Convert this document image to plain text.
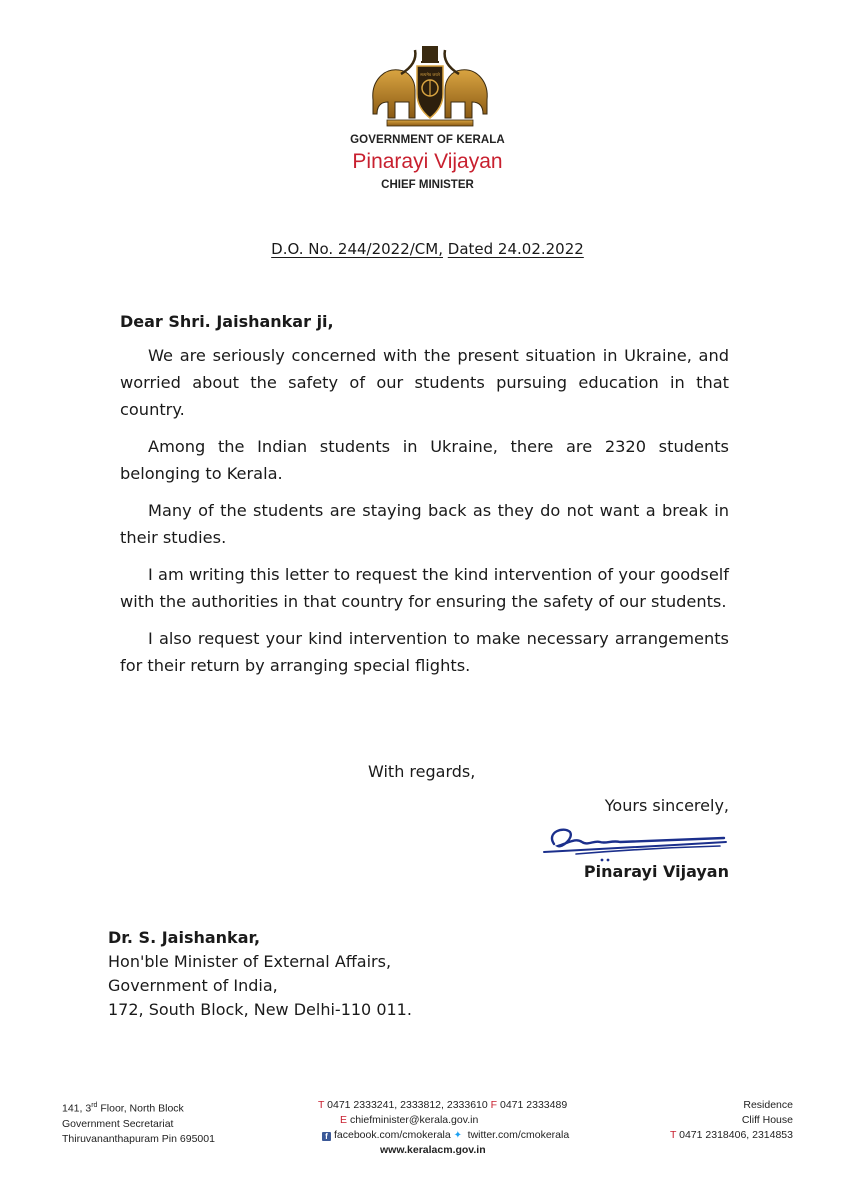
सत्यमेव जयते
GOVERNMENT OF KERALA
Pinarayi Vijayan
CHIEF MINISTER
D.O. No. 244/2022/CM, Dated 24.02.2022
Dear Shri. Jaishankar ji,

We are seriously concerned with the present situation in Ukraine, and worried about the safety of our students pursuing education in that country.

Among the Indian students in Ukraine, there are 2320 students belonging to Kerala.

Many of the students are staying back as they do not want a break in their studies.

I am writing this letter to request the kind intervention of your goodself with the authorities in that country for ensuring the safety of our students.

I also request your kind intervention to make necessary arrangements for their return by arranging special flights.

With regards,
Yours sincerely,
Pinarayi Vijayan
Dr. S. Jaishankar,
Hon'ble Minister of External Affairs,
Government of India,
172, South Block, New Delhi-110 011.
141, 3rd Floor, North Block
Government Secretariat
Thiruvananthapuram Pin 695001
T 0471 2333241, 2333812, 2333610 F 0471 2333489
E chiefminister@kerala.gov.in
f facebook.com/cmokerala ✦ twitter.com/cmokerala
www.keralacm.gov.in
Residence
Cliff House
T 0471 2318406, 2314853
